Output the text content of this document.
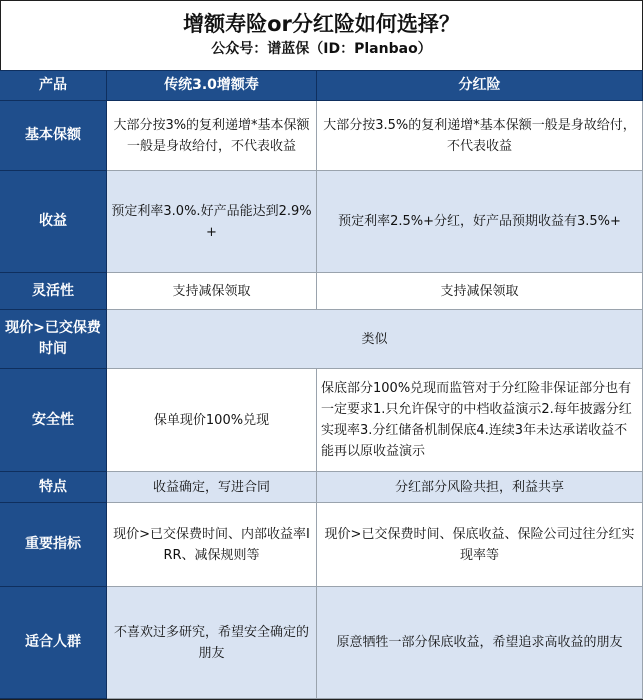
增额寿险or分红险如何选择？
公众号：谱蓝保（ID：Planbao）
产品	传统3.0增额寿	分红险
基本保额	大部分按3%的复利递增*基本保额一般是身故给付，不代表收益	大部分按3.5%的复利递增*基本保额一般是身故给付，不代表收益
收益	预定利率3.0%.好产品能达到2.9%+	预定利率2.5%+分红，好产品预期收益有3.5%+
灵活性	支持减保领取	支持减保领取
现价>已交保费时间	类似	
安全性	保单现价100%兑现	保底部分100%兑现而监管对于分红险非保证部分也有一定要求1.只允许保守的中档收益演示2.每年披露分红实现率3.分红储备机制保底4.连续3年未达承诺收益不能再以原收益演示
特点	收益确定，写进合同	分红部分风险共担，利益共享
重要指标	现价>已交保费时间、内部收益率IRR、减保规则等	现价>已交保费时间、保底收益、保险公司过往分红实现率等
适合人群	不喜欢过多研究，希望安全确定的朋友	原意牺牲一部分保底收益，希望追求高收益的朋友
